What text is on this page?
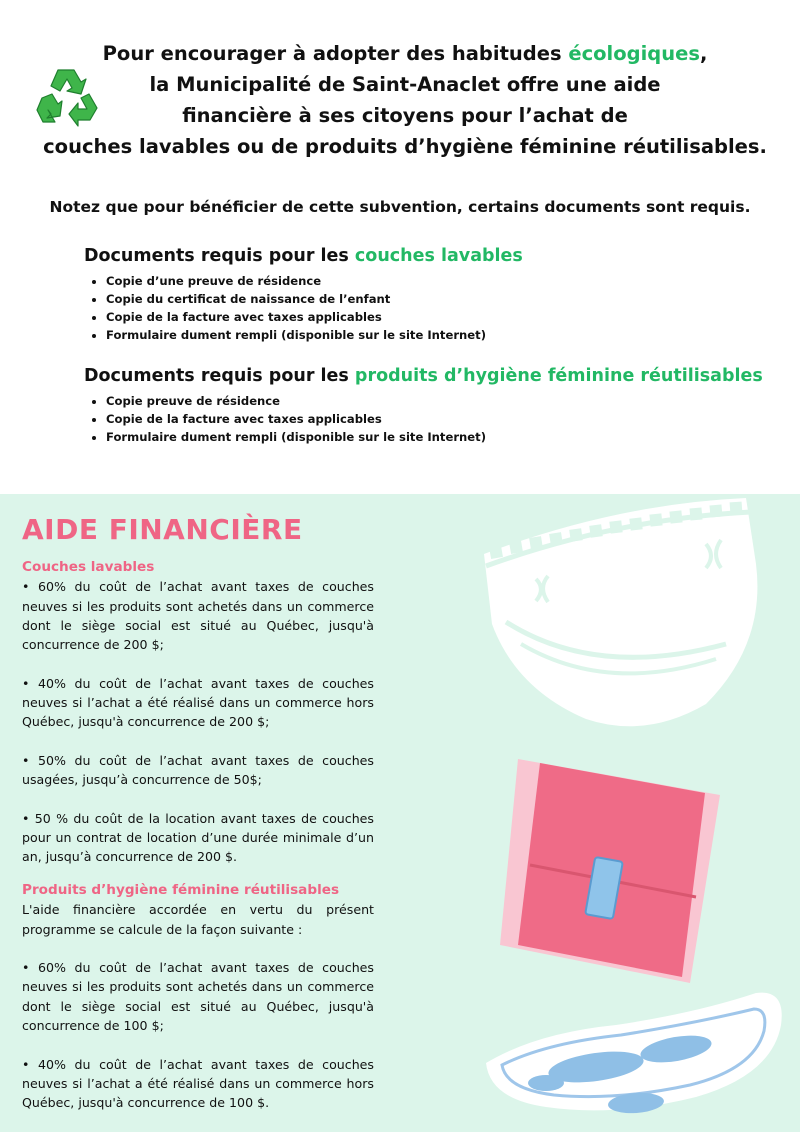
Pour encourager à adopter des habitudes écologiques,
la Municipalité de Saint-Anaclet offre une aide
financière à ses citoyens pour l’achat de
couches lavables ou de produits d’hygiène féminine réutilisables.
Notez que pour bénéficier de cette subvention, certains documents sont requis.
Documents requis pour les couches lavables
• Copie d’une preuve de résidence
• Copie du certificat de naissance de l’enfant
• Copie de la facture avec taxes applicables
• Formulaire dument rempli (disponible sur le site Internet)
Documents requis pour les produits d’hygiène féminine réutilisables
• Copie preuve de résidence
• Copie de la facture avec taxes applicables
• Formulaire dument rempli (disponible sur le site Internet)
AIDE FINANCIÈRE
Couches lavables

• 60% du coût de l’achat avant taxes de couches neuves si les produits sont achetés dans un commerce dont le siège social est situé au Québec, jusqu'à concurrence de 200 $;

• 40% du coût de l’achat avant taxes de couches neuves si l’achat a été réalisé dans un commerce hors Québec, jusqu'à concurrence de 200 $;

• 50% du coût de l’achat avant taxes de couches usagées, jusqu’à concurrence de 50$;

• 50 % du coût de la location avant taxes de couches pour un contrat de location d’une durée minimale d’un an, jusqu’à concurrence de 200 $.

Produits d’hygiène féminine réutilisables

L'aide financière accordée en vertu du présent programme se calcule de la façon suivante :

• 60% du coût de l’achat avant taxes de couches neuves si les produits sont achetés dans un commerce dont le siège social est situé au Québec, jusqu'à concurrence de 100 $;

• 40% du coût de l’achat avant taxes de couches neuves si l’achat a été réalisé dans un commerce hors Québec, jusqu'à concurrence de 100 $.
